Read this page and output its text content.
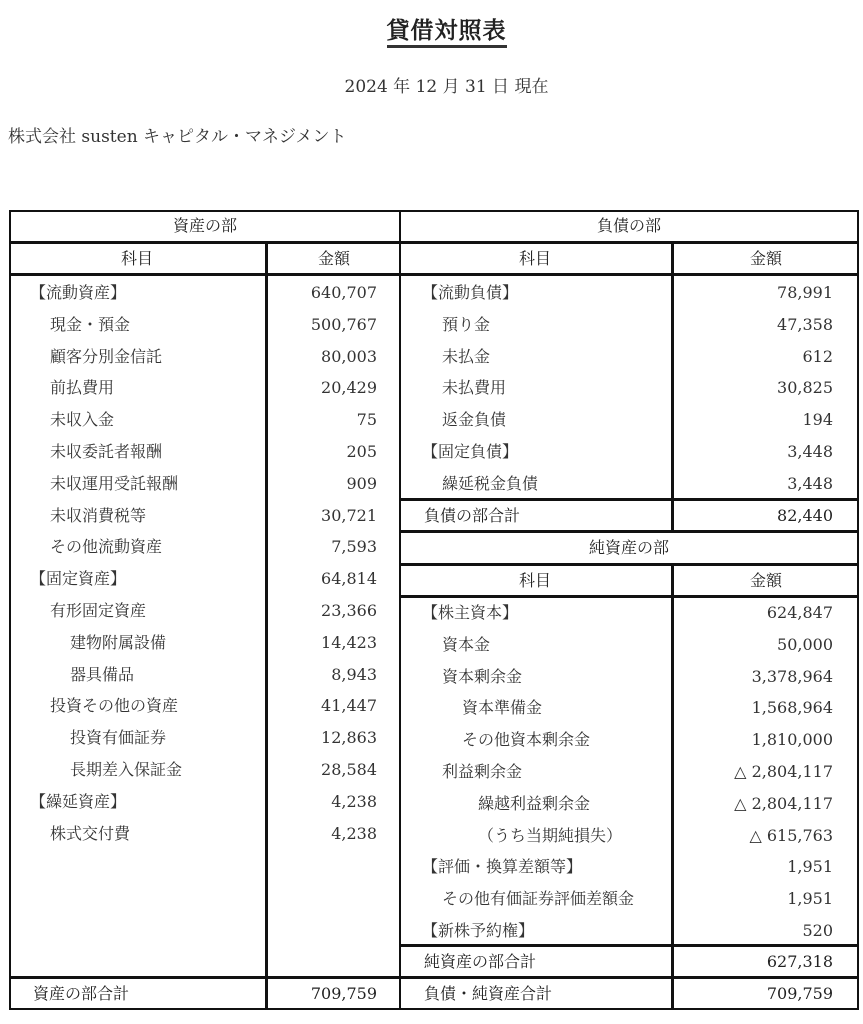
貸借対照表
2024 年 12 月 31 日 現在
株式会社 susten キャピタル・マネジメント
資産の部
科目	金額
【流動資産】	640,707
現金・預金	500,767
顧客分別金信託	80,003
前払費用	20,429
未収入金	75
未収委託者報酬	205
未収運用受託報酬	909
未収消費税等	30,721
その他流動資産	7,593
【固定資産】	64,814
有形固定資産	23,366
建物附属設備	14,423
器具備品	8,943
投資その他の資産	41,447
投資有価証券	12,863
長期差入保証金	28,584
【繰延資産】	4,238
株式交付費	4,238
資産の部合計	709,759
負債の部
科目	金額
【流動負債】	78,991
預り金	47,358
未払金	612
未払費用	30,825
返金負債	194
【固定負債】	3,448
繰延税金負債	3,448
負債の部合計	82,440
純資産の部
科目	金額
【株主資本】	624,847
資本金	50,000
資本剰余金	3,378,964
資本準備金	1,568,964
その他資本剰余金	1,810,000
利益剰余金	△ 2,804,117
繰越利益剰余金	△ 2,804,117
（うち当期純損失）	△ 615,763
【評価・換算差額等】	1,951
その他有価証券評価差額金	1,951
【新株予約権】	520
純資産の部合計	627,318
負債・純資産合計	709,759
